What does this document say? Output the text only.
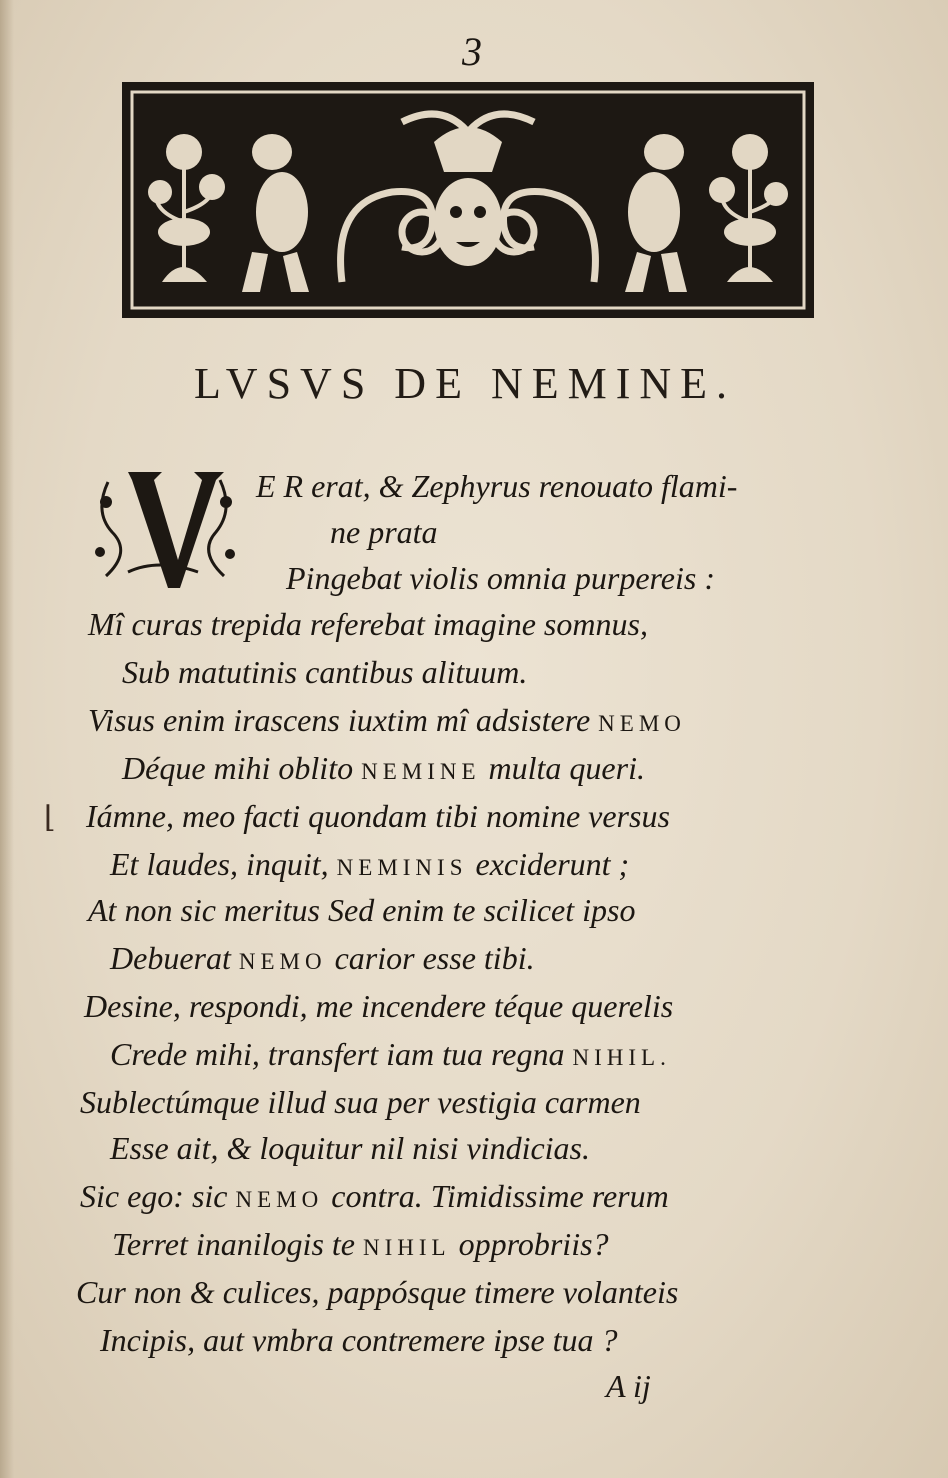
3
LVSVS DE NEMINE.
E R erat, & Zephyrus renouato flami-
ne prata
Pingebat violis omnia purpereis :
Mî curas trepida referebat imagine somnus,
Sub matutinis cantibus alituum.
Visus enim irascens iuxtim mî adsistere NEMO
Déque mihi oblito NEMINE multa queri.
Iámne, meo facti quondam tibi nomine versus
Et laudes, inquit, NEMINIS exciderunt ;
At non sic meritus Sed enim te scilicet ipso
Debuerat NEMO carior esse tibi.
Desine, respondi, me incendere téque querelis
Crede mihi, transfert iam tua regna NIHIL.
Sublectúmque illud sua per vestigia carmen
Esse ait, & loquitur nil nisi vindicias.
Sic ego: sic NEMO contra. Timidissime rerum
Terret inanilogis te NIHIL opprobriis?
Cur non & culices, pappósque timere volanteis
Incipis, aut vmbra contremere ipse tua ?
⌊
A ij
